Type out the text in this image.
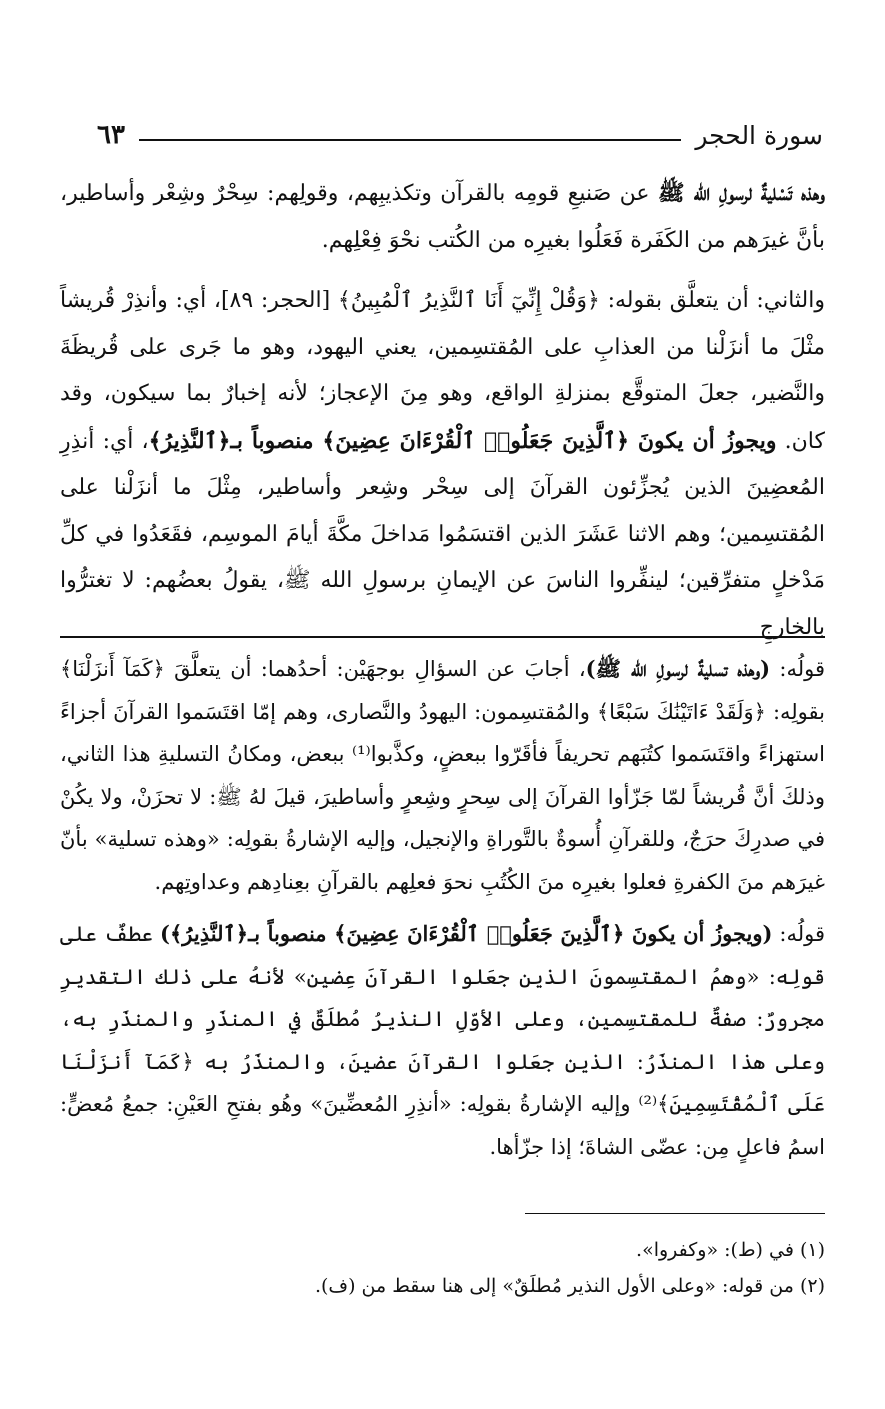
سورة الحجر
٦٣

وهذه تَسْليةٌ لرسولِ الله ﷺ عن صَنيعِ قومِه بالقرآن وتكذيبِهم، وقولِهم: سِحْرٌ وشِعْر وأساطير، بأنَّ غيرَهم من الكَفَرة فَعَلُوا بغيرِه من الكُتب نحْوَ فِعْلِهم.

والثاني: أن يتعلَّق بقوله: ﴿وَقُلْ إِنِّيٓ أَنَا ٱلنَّذِيرُ ٱلْمُبِينُ﴾ [الحجر: ٨٩]، أي: وأنذِرْ قُريشاً مثْلَ ما أنزَلْنا من العذابِ على المُقتسِمين، يعني اليهود، وهو ما جَرى على قُريظَةَ والنَّضير، جعلَ المتوقَّع بمنزلةِ الواقع، وهو مِنَ الإعجاز؛ لأنه إخبارٌ بما سيكون، وقد كان. ويجوزُ أن يكونَ ﴿ٱلَّذِينَ جَعَلُوا۟ ٱلْقُرْءَانَ عِضِينَ﴾ منصوباً بـ﴿ٱلنَّذِيرُ﴾، أي: أنذِرِ المُعضِينَ الذين يُجزِّئون القرآنَ إلى سِحْر وشِعر وأساطير، مِثْلَ ما أنزَلْنا على المُقتسِمين؛ وهم الاثنا عَشَرَ الذين اقتسَمُوا مَداخلَ مكَّةَ أيامَ الموسِم، فقَعَدُوا في كلِّ مَدْخلٍ متفرِّقين؛ لينفِّروا الناسَ عن الإيمانِ برسولِ الله ﷺ، يقولُ بعضُهم: لا تغترُّوا بالخارجِ

قولُه: (وهذه تسليةٌ لرسولِ الله ﷺ)، أجابَ عن السؤالِ بوجهَيْن: أحدُهما: أن يتعلَّقَ ﴿كَمَآ أَنزَلْنَا﴾ بقولِه: ﴿وَلَقَدْ ءَاتَيْنَٰكَ سَبْعًا﴾ والمُقتسِمون: اليهودُ والنَّصارى، وهم إمّا اقتَسَموا القرآنَ أجزاءً استهزاءً واقتَسَموا كتُبَهم تحريفاً فأقَرّوا ببعضٍ، وكذَّبوا⁽¹⁾ ببعض، ومكانُ التسليةِ هذا الثاني، وذلكَ أنَّ قُريشاً لمّا جَزّأوا القرآنَ إلى سِحرٍ وشِعرٍ وأساطيرَ، قيلَ لهُ ﷺ: لا تحزَنْ، ولا يكُنْ في صدرِكَ حرَجٌ، وللقرآنِ أُسوةٌ بالتَّوراةِ والإنجيل، وإليه الإشارةُ بقولِه: «وهذه تسلية» بأنّ غيرَهم منَ الكفرةِ فعلوا بغيرِه منَ الكُتُبِ نحوَ فعلِهم بالقرآنِ بعِنادِهم وعداوتِهم.

قولُه: (ويجوزُ أن يكونَ ﴿ٱلَّذِينَ جَعَلُوا۟ ٱلْقُرْءَانَ عِضِينَ﴾ منصوباً بـ﴿ٱلنَّذِيرُ﴾) عطفٌ على قولِه: «وهمُ المقتسِمونَ الذين جعَلوا القرآنَ عِضين» لأنهُ على ذلك التقديرِ مجرورٌ: صفةٌ للمقتسِمين، وعلى الأوّلِ النذيرُ مُطلَقٌ في المنذَرِ والمنذَرِ به، وعلى هذا المنذَرُ: الذين جعَلوا القرآنَ عضينَ، والمنذَرُ به ﴿كَمَآ أَنزَلْنَا عَلَى ٱلْمُقْتَسِمِينَ﴾⁽²⁾ وإليه الإشارةُ بقولِه: «أنذِرِ المُعضِّينَ» وهُو بفتحِ العَيْنِ: جمعُ مُعضٍّ: اسمُ فاعلٍ مِن: عضّى الشاةَ؛ إذا جزّأها.

(١) في (ط): «وكفروا».
(٢) من قوله: «وعلى الأول النذير مُطلَقٌ» إلى هنا سقط من (ف).
